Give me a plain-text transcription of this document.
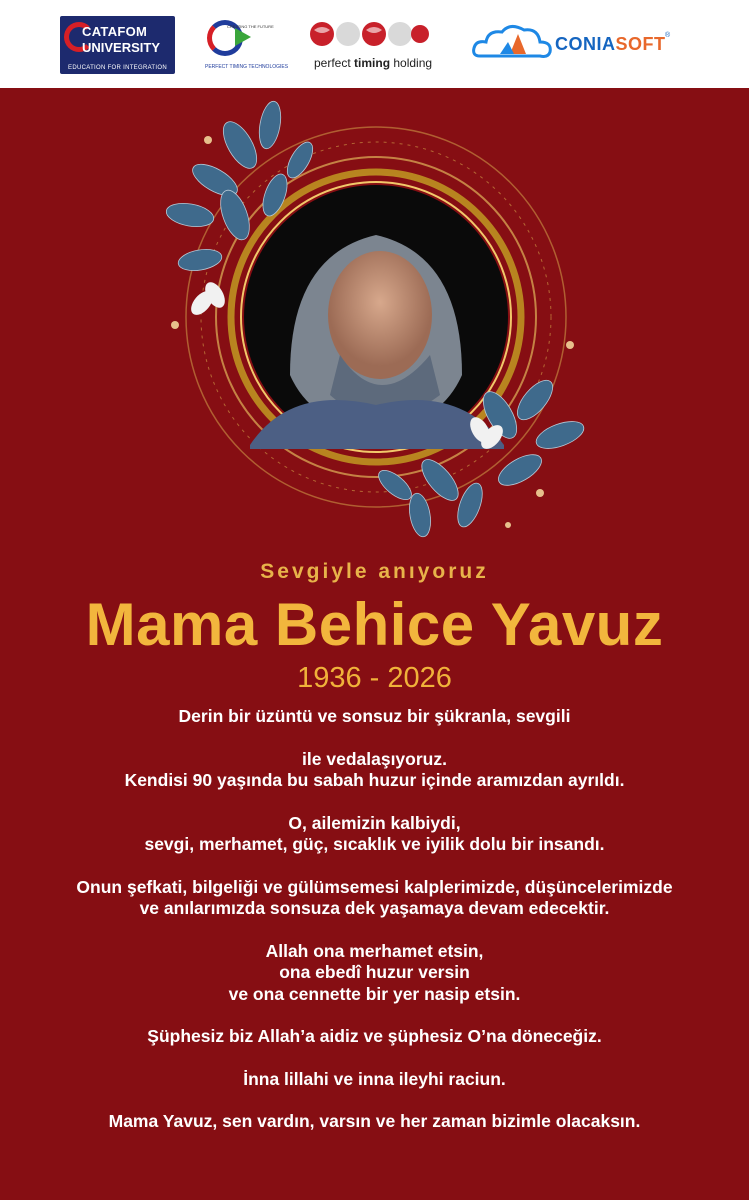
CATAFOM
UNIVERSITY
EDUCATION FOR INTEGRATION
CREATING THE FUTURE
PERFECT TIMING TECHNOLOGIES perfect timing holding
CONIASOFT ®
Sevgiyle anıyoruz
Mama Behice Yavuz
1936 - 2026

Derin bir üzüntü ve sonsuz bir şükranla, sevgili

ile vedalaşıyoruz.

Kendisi 90 yaşında bu sabah huzur içinde aramızdan ayrıldı.

O, ailemizin kalbiydi,

sevgi, merhamet, güç, sıcaklık ve iyilik dolu bir insandı.

Onun şefkati, bilgeliği ve gülümsemesi kalplerimizde, düşüncelerimizde

ve anılarımızda sonsuza dek yaşamaya devam edecektir.

Allah ona merhamet etsin,

ona ebedî huzur versin

ve ona cennette bir yer nasip etsin.

Şüphesiz biz Allah’a aidiz ve şüphesiz O’na döneceğiz.

İnna lillahi ve inna ileyhi raciun.

Mama Yavuz, sen vardın, varsın ve her zaman bizimle olacaksın.
